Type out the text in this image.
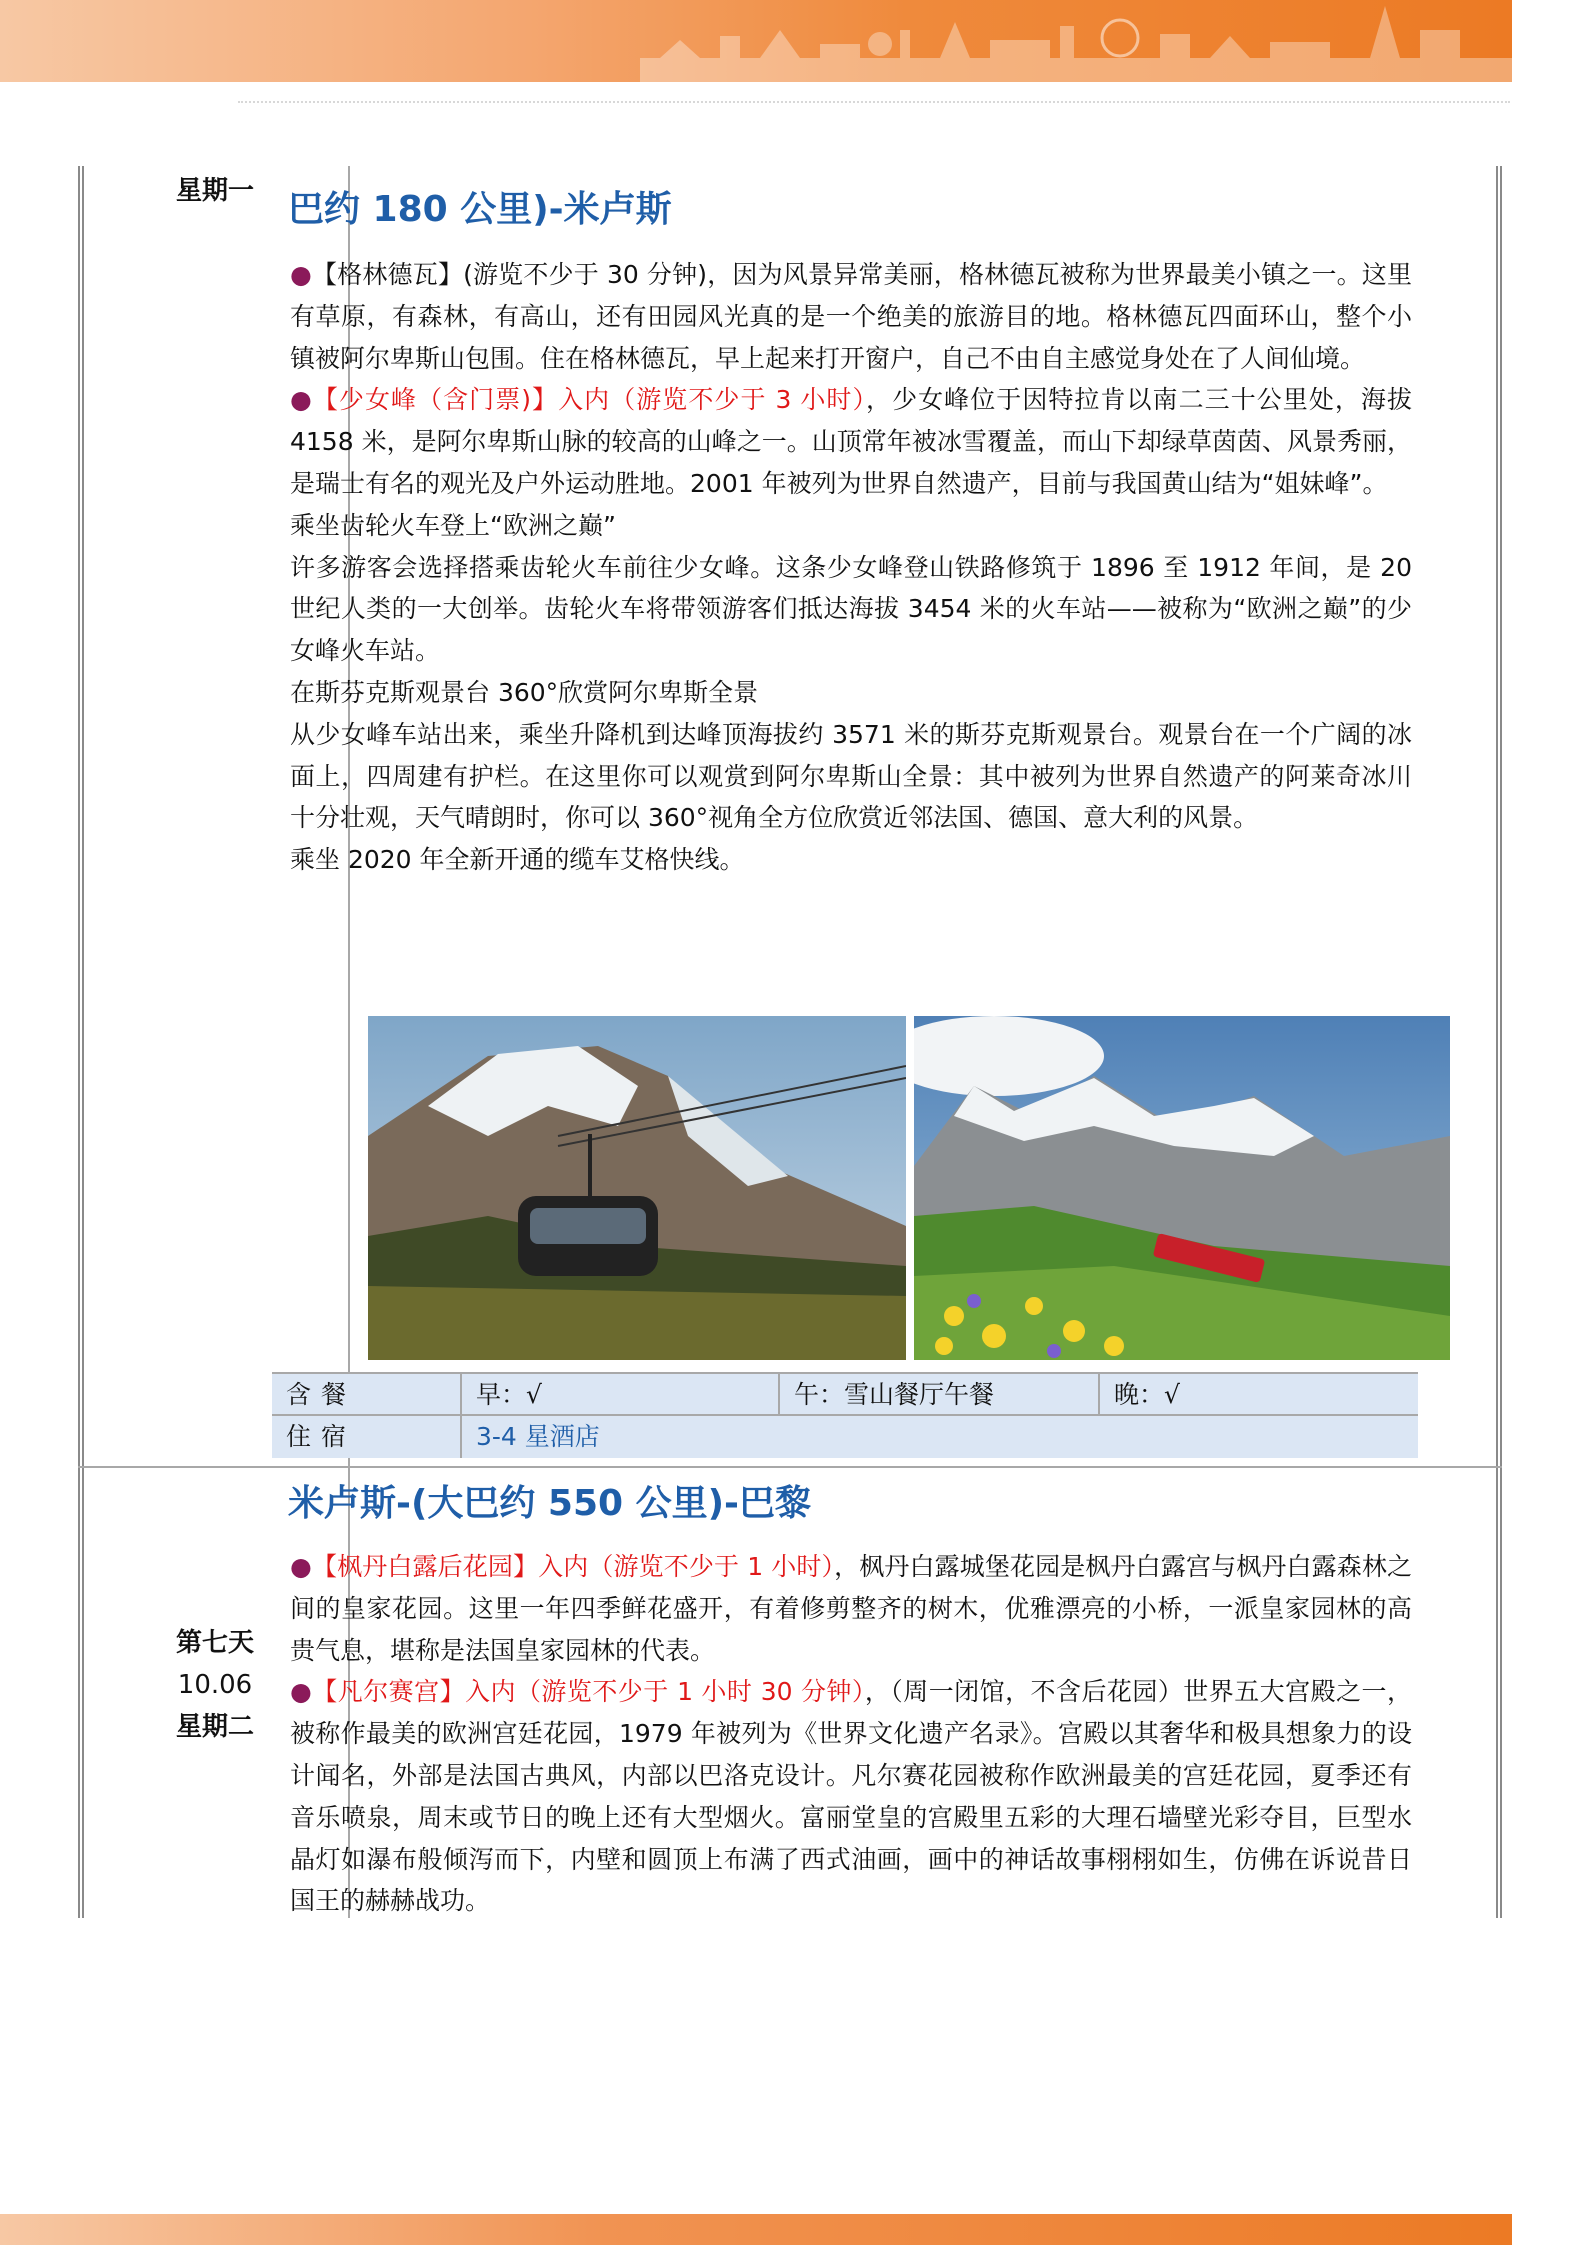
星期一
第七天
10.06
星期二
巴约 180 公里)-米卢斯

●【格林德瓦】(游览不少于 30 分钟)，因为风景异常美丽，格林德瓦被称为世界最美小镇之一。这里有草原，有森林，有高山，还有田园风光真的是一个绝美的旅游目的地。格林德瓦四面环山，整个小镇被阿尔卑斯山包围。住在格林德瓦，早上起来打开窗户，自己不由自主感觉身处在了人间仙境。

●【少女峰（含门票)】入内（游览不少于 3 小时），少女峰位于因特拉肯以南二三十公里处，海拔 4158 米，是阿尔卑斯山脉的较高的山峰之一。山顶常年被冰雪覆盖，而山下却绿草茵茵、风景秀丽，是瑞士有名的观光及户外运动胜地。2001 年被列为世界自然遗产，目前与我国黄山结为“姐妹峰”。

乘坐齿轮火车登上“欧洲之巅”

许多游客会选择搭乘齿轮火车前往少女峰。这条少女峰登山铁路修筑于 1896 至 1912 年间，是 20 世纪人类的一大创举。齿轮火车将带领游客们抵达海拔 3454 米的火车站——被称为“欧洲之巅”的少女峰火车站。

在斯芬克斯观景台 360°欣赏阿尔卑斯全景

从少女峰车站出来，乘坐升降机到达峰顶海拔约 3571 米的斯芬克斯观景台。观景台在一个广阔的冰面上，四周建有护栏。在这里你可以观赏到阿尔卑斯山全景：其中被列为世界自然遗产的阿莱奇冰川十分壮观，天气晴朗时，你可以 360°视角全方位欣赏近邻法国、德国、意大利的风景。

乘坐 2020 年全新开通的缆车艾格快线。

含餐	早：√	午：雪山餐厅午餐	晚：√
住宿	3-4 星酒店
米卢斯-(大巴约 550 公里)-巴黎

●【枫丹白露后花园】入内（游览不少于 1 小时），枫丹白露城堡花园是枫丹白露宫与枫丹白露森林之间的皇家花园。这里一年四季鲜花盛开，有着修剪整齐的树木，优雅漂亮的小桥，一派皇家园林的高贵气息，堪称是法国皇家园林的代表。

●【凡尔赛宫】入内（游览不少于 1 小时 30 分钟），（周一闭馆，不含后花园）世界五大宫殿之一，被称作最美的欧洲宫廷花园，1979 年被列为《世界文化遗产名录》。宫殿以其奢华和极具想象力的设计闻名，外部是法国古典风，内部以巴洛克设计。凡尔赛花园被称作欧洲最美的宫廷花园，夏季还有音乐喷泉，周末或节日的晚上还有大型烟火。富丽堂皇的宫殿里五彩的大理石墙壁光彩夺目，巨型水晶灯如瀑布般倾泻而下，内壁和圆顶上布满了西式油画，画中的神话故事栩栩如生，仿佛在诉说昔日国王的赫赫战功。
